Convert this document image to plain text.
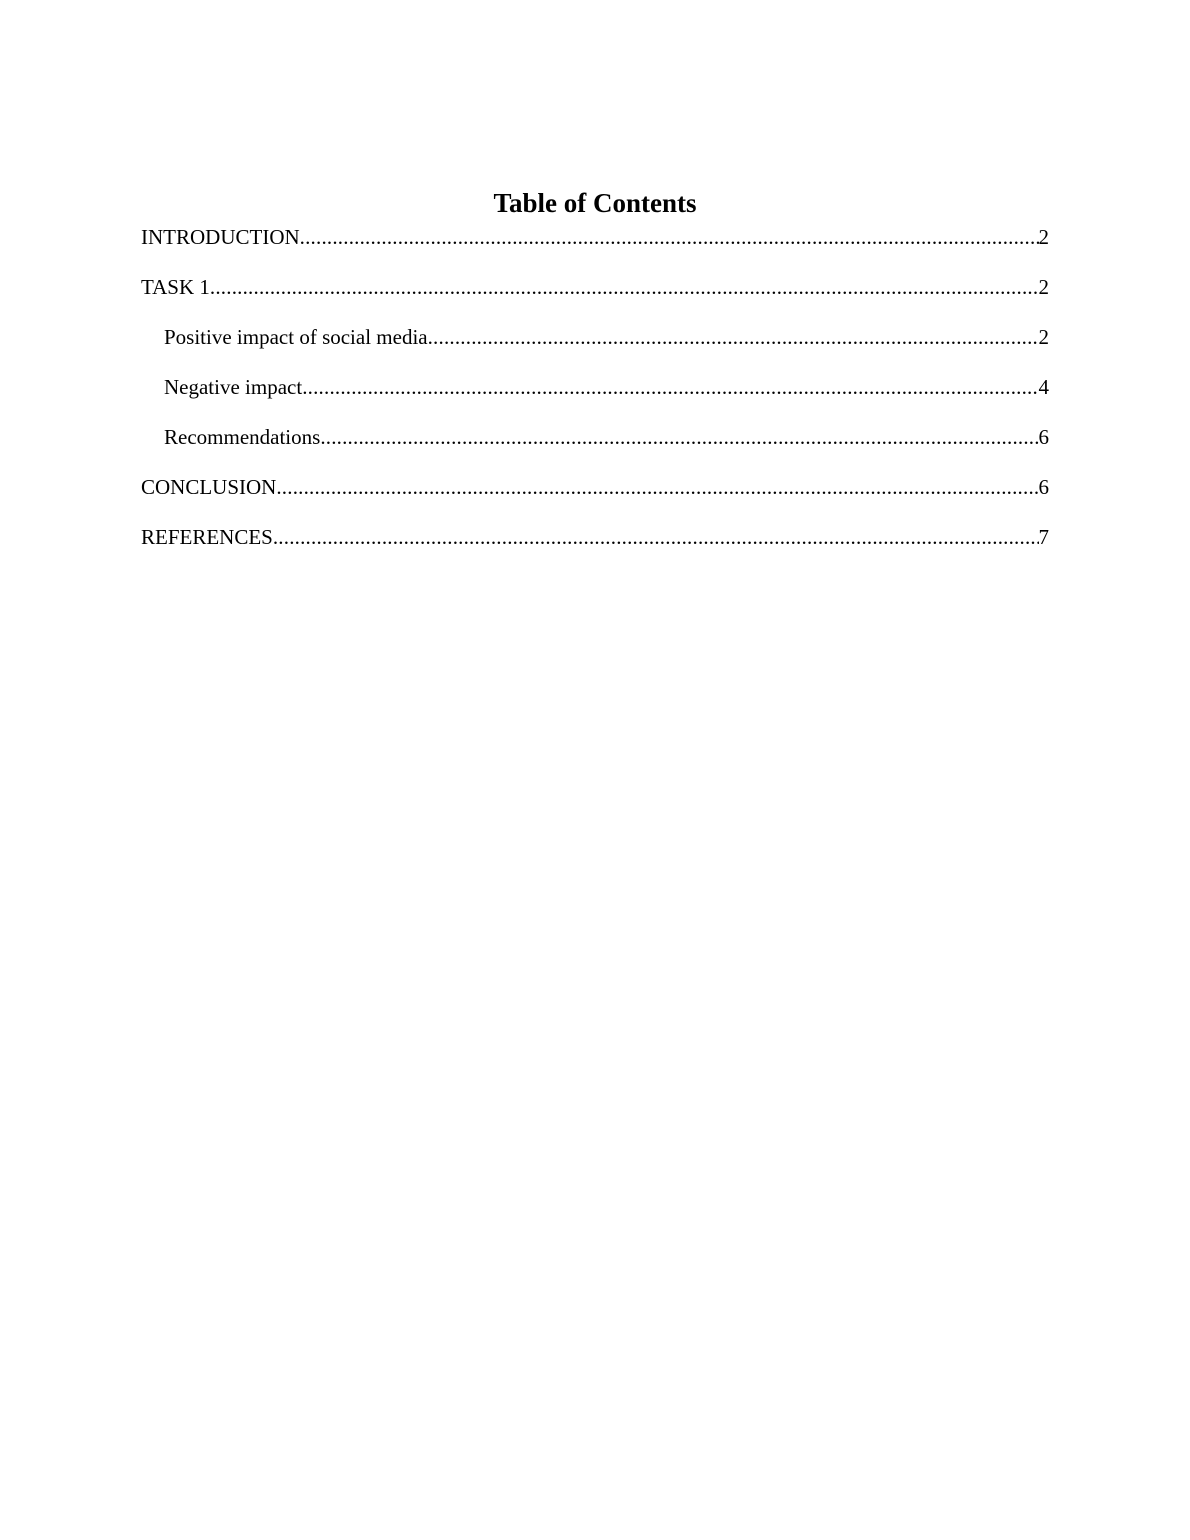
Table of Contents
INTRODUCTION .....	2
TASK 1 .....	2
Positive impact of social media .....	2
Negative impact .....	4
Recommendations .....	6
CONCLUSION .....	6
REFERENCES .....	7
